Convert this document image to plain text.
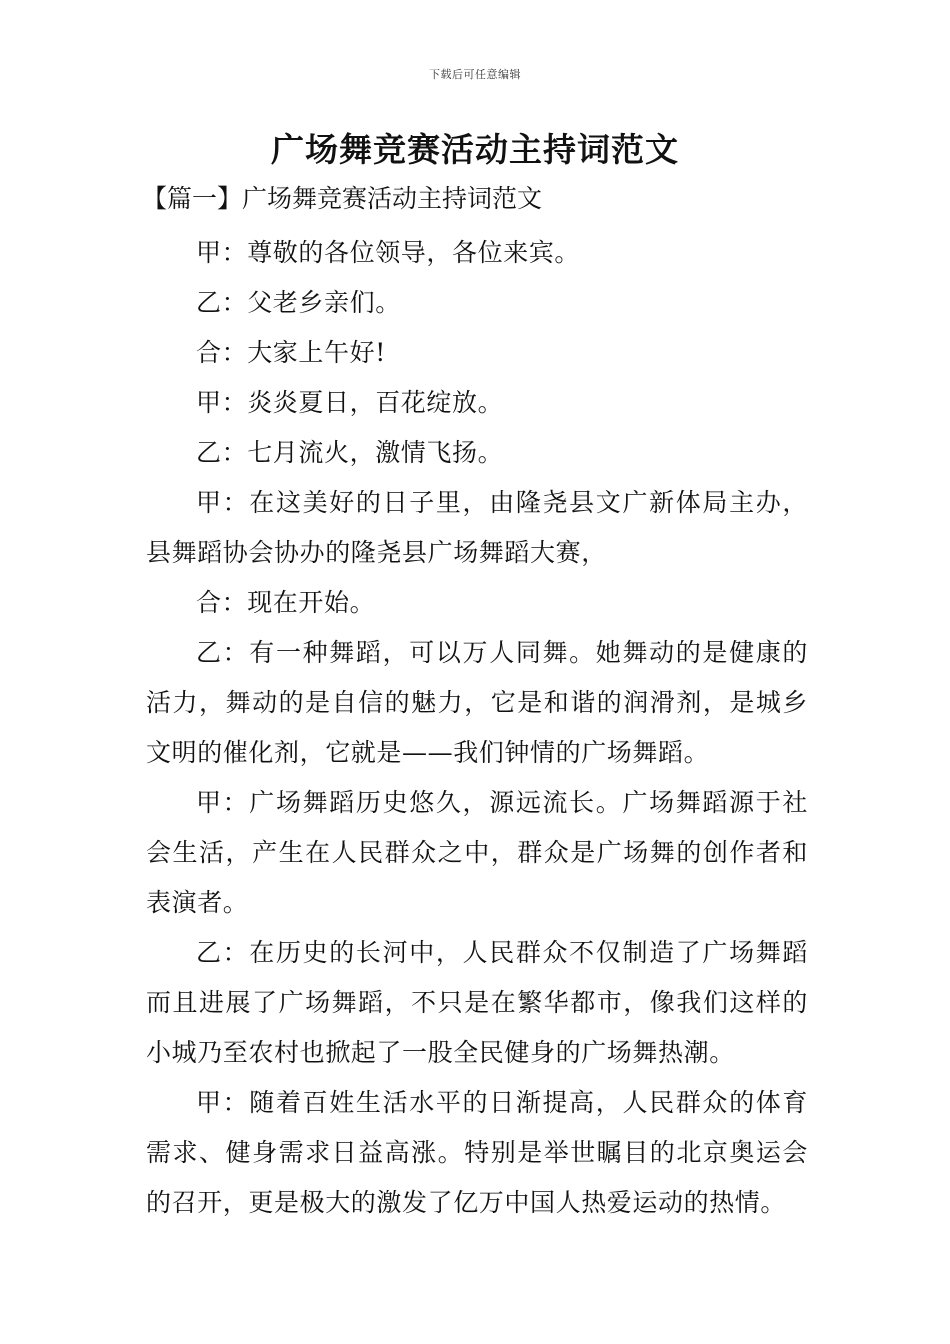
下载后可任意编辑
广场舞竞赛活动主持词范文

【篇一】广场舞竞赛活动主持词范文

甲：尊敬的各位领导，各位来宾。

乙：父老乡亲们。

合：大家上午好!

甲：炎炎夏日，百花绽放。

乙：七月流火，激情飞扬。

甲：在这美好的日子里，由隆尧县文广新体局主办，县舞蹈协会协办的隆尧县广场舞蹈大赛，

合：现在开始。

乙：有一种舞蹈，可以万人同舞。她舞动的是健康的活力，舞动的是自信的魅力，它是和谐的润滑剂，是城乡文明的催化剂，它就是——我们钟情的广场舞蹈。

甲：广场舞蹈历史悠久，源远流长。广场舞蹈源于社会生活，产生在人民群众之中，群众是广场舞的创作者和表演者。

乙：在历史的长河中，人民群众不仅制造了广场舞蹈而且进展了广场舞蹈，不只是在繁华都市，像我们这样的小城乃至农村也掀起了一股全民健身的广场舞热潮。

甲：随着百姓生活水平的日渐提高，人民群众的体育需求、健身需求日益高涨。特别是举世瞩目的北京奥运会的召开，更是极大的激发了亿万中国人热爱运动的热情。
